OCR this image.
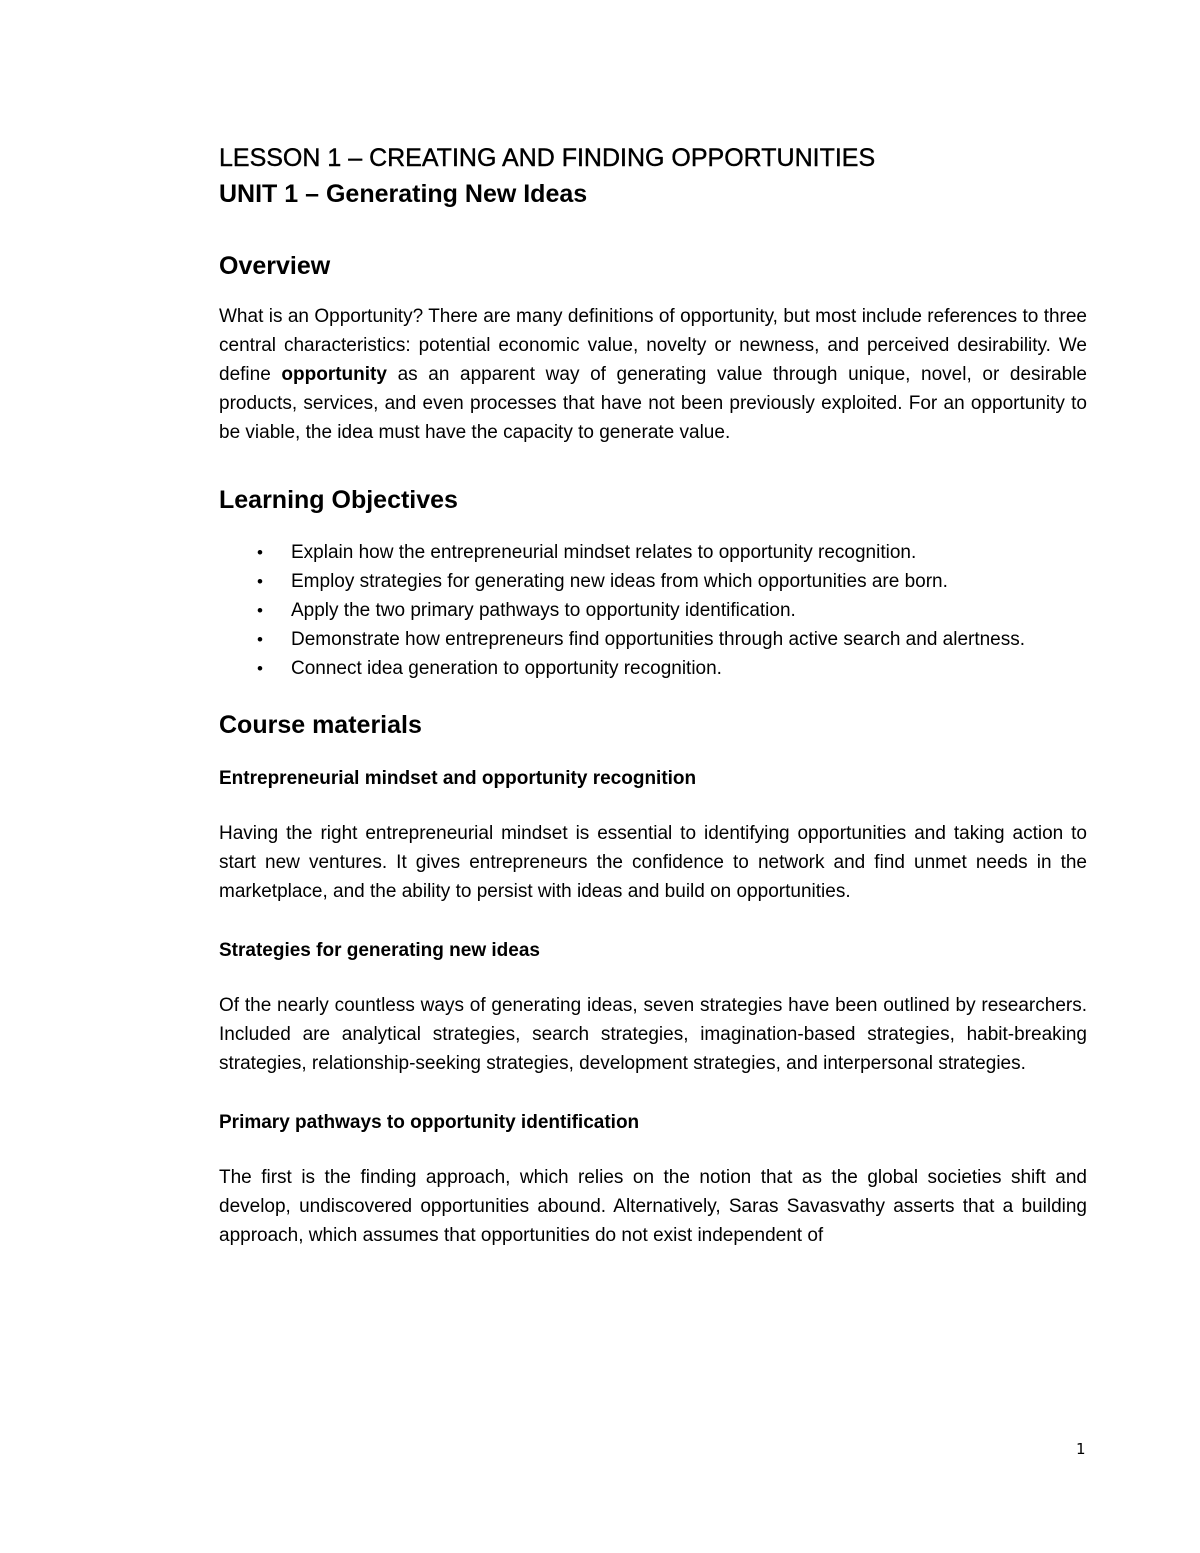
LESSON 1 – CREATING AND FINDING OPPORTUNITIES
UNIT 1 – Generating New Ideas
Overview

What is an Opportunity? There are many definitions of opportunity, but most include references to three central characteristics: potential economic value, novelty or newness, and perceived desirability. We define opportunity as an apparent way of generating value through unique, novel, or desirable products, services, and even processes that have not been previously exploited. For an opportunity to be viable, the idea must have the capacity to generate value.

Learning Objectives
• Explain how the entrepreneurial mindset relates to opportunity recognition.
• Employ strategies for generating new ideas from which opportunities are born.
• Apply the two primary pathways to opportunity identification.
• Demonstrate how entrepreneurs find opportunities through active search and alertness.
• Connect idea generation to opportunity recognition.
Course materials
Entrepreneurial mindset and opportunity recognition

Having the right entrepreneurial mindset is essential to identifying opportunities and taking action to start new ventures. It gives entrepreneurs the confidence to network and find unmet needs in the marketplace, and the ability to persist with ideas and build on opportunities.

Strategies for generating new ideas

Of the nearly countless ways of generating ideas, seven strategies have been outlined by researchers. Included are analytical strategies, search strategies, imagination-based strategies, habit-breaking strategies, relationship-seeking strategies, development strategies, and interpersonal strategies.

Primary pathways to opportunity identification

The first is the finding approach, which relies on the notion that as the global societies shift and develop, undiscovered opportunities abound. Alternatively, Saras Savasvathy asserts that a building approach, which assumes that opportunities do not exist independent of

1
